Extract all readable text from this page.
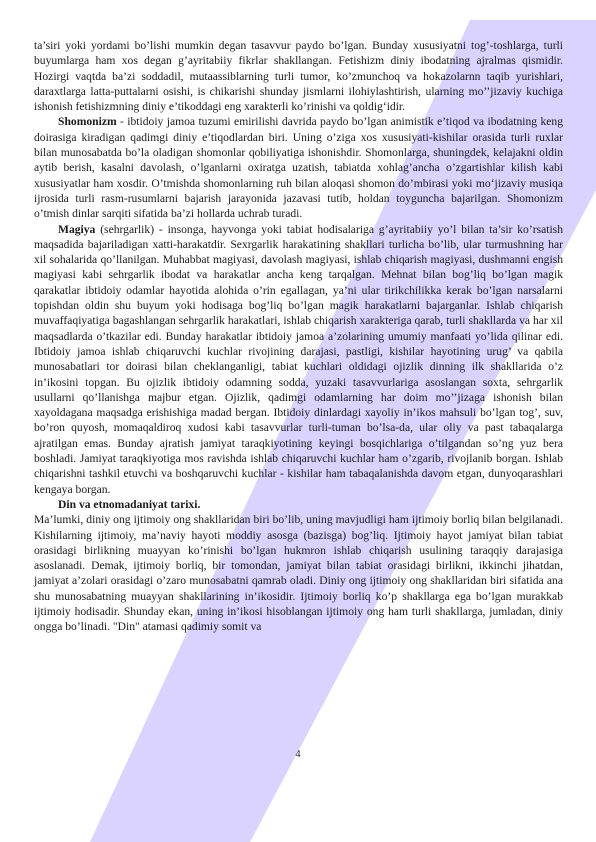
ta’siri yoki yordami bo’lishi mumkin degan tasavvur paydo bo’lgan. Bunday xususiyatni tog’-toshlarga, turli buyumlarga ham xos degan g’ayritabiiy fikrlar shakllangan. Fetishizm diniy ibodatning ajralmas qismidir. Hozirgi vaqtda ba’zi soddadil, mutaassiblarning turli tumor, ko’zmunchoq va hokazolarnn taqib yurishlari, daraxtlarga latta-puttalarni osishi, is chikarishi shunday jismlarni ilohiylashtirish, ularning mo’’jizaviy kuchiga ishonish fetishizmning diniy e’tikoddagi eng xarakterli ko’rinishi va qoldig‘idir.

Shomonizm - ibtidoiy jamoa tuzumi emirilishi davrida paydo bo’lgan animistik e’tiqod va ibodatning keng doirasiga kiradigan qadimgi diniy e’tiqodlardan biri. Uning o’ziga xos xususiyati-kishilar orasida turli ruxlar bilan munosabatda bo’la oladigan shomonlar qobiliyatiga ishonishdir. Shomonlarga, shuningdek, kelajakni oldin aytib berish, kasalni davolash, o’lganlarni oxiratga uzatish, tabiatda xohlag’ancha o’zgartishlar kilish kabi xususiyatlar ham xosdir. O’tmishda shomonlarning ruh bilan aloqasi shomon do’mbirasi yoki mo‘jizaviy musiqa ijrosida turli rasm-rusumlarni bajarish jarayonida jazavasi tutib, holdan toyguncha bajarilgan. Shomonizm o’tmish dinlar sarqiti sifatida ba’zi hollarda uchrab turadi.

Magiya (sehrgarlik) - insonga, hayvonga yoki tabiat hodisalariga g’ayritabiiy yo’l bilan ta’sir ko’rsatish maqsadida bajariladigan xatti-harakatdir. Sexrgarlik harakatining shakllari turlicha bo’lib, ular turmushning har xil sohalarida qo’llanilgan. Muhabbat magiyasi, davolash magiyasi, ishlab chiqarish magiyasi, dushmanni engish magiyasi kabi sehrgarlik ibodat va harakatlar ancha keng tarqalgan. Mehnat bilan bog’liq bo’lgan magik qarakatlar ibtidoiy odamlar hayotida alohida o’rin egallagan, ya’ni ular tirikchilikka kerak bo’lgan narsalarni topishdan oldin shu buyum yoki hodisaga bog’liq bo’lgan magik harakatlarni bajarganlar. Ishlab chiqarish muvaffaqiyatiga bagashlangan sehrgarlik harakatlari, ishlab chiqarish xarakteriga qarab, turli shakllarda va har xil maqsadlarda o’tkazilar edi. Bunday harakatlar ibtidoiy jamoa a’zolarining umumiy manfaati yo’lida qilinar edi. Ibtidoiy jamoa ishlab chiqaruvchi kuchlar rivojining darajasi, pastligi, kishilar hayotining urug’ va qabila munosabatlari tor doirasi bilan cheklanganligi, tabiat kuchlari oldidagi ojizlik dinning ilk shakllarida o’z in’ikosini topgan. Bu ojizlik ibtidoiy odamning sodda, yuzaki tasavvurlariga asoslangan soxta, sehrgarlik usullarni qo’llanishga majbur etgan. Ojizlik, qadimgi odamlarning har doim mo’’jizaga ishonish bilan xayoldagana maqsadga erishishiga madad bergan. Ibtidoiy dinlardagi xayoliy in’ikos mahsuli bo’lgan tog’, suv, bo’ron quyosh, momaqaldiroq xudosi kabi tasavvurlar turli-tuman bo’lsa-da, ular oliy va past tabaqalarga ajratilgan emas. Bunday ajratish jamiyat taraqkiyotining keyingi bosqichlariga o’tilgandan so’ng yuz bera boshladi. Jamiyat taraqkiyotiga mos ravishda ishlab chiqaruvchi kuchlar ham o’zgarib, rivojlanib borgan. Ishlab chiqarishni tashkil etuvchi va boshqaruvchi kuchlar - kishilar ham tabaqalanishda davom etgan, dunyoqarashlari kengaya borgan.

Din va etnomadaniyat tarixi.

Ma’lumki, diniy ong ijtimoiy ong shakllaridan biri bo’lib, uning mavjudligi ham ijtimoiy borliq bilan belgilanadi. Kishilarning ijtimoiy, ma’naviy hayoti moddiy asosga (bazisga) bog’liq. Ijtimoiy hayot jamiyat bilan tabiat orasidagi birlikning muayyan ko’rinishi bo’lgan hukmron ishlab chiqarish usulining taraqqiy darajasiga asoslanadi. Demak, ijtimoiy borliq, bir tomondan, jamiyat bilan tabiat orasidagi birlikni, ikkinchi jihatdan, jamiyat a’zolari orasidagi o’zaro munosabatni qamrab oladi. Diniy ong ijtimoiy ong shakllaridan biri sifatida ana shu munosabatning muayyan shakllarining in’ikosidir. Ijtimoiy borliq ko’p shakllarga ega bo’lgan murakkab ijtimoiy hodisadir. Shunday ekan, uning in’ikosi hisoblangan ijtimoiy ong ham turli shakllarga, jumladan, diniy ongga bo’linadi. "Din" atamasi qadimiy somit va

4
